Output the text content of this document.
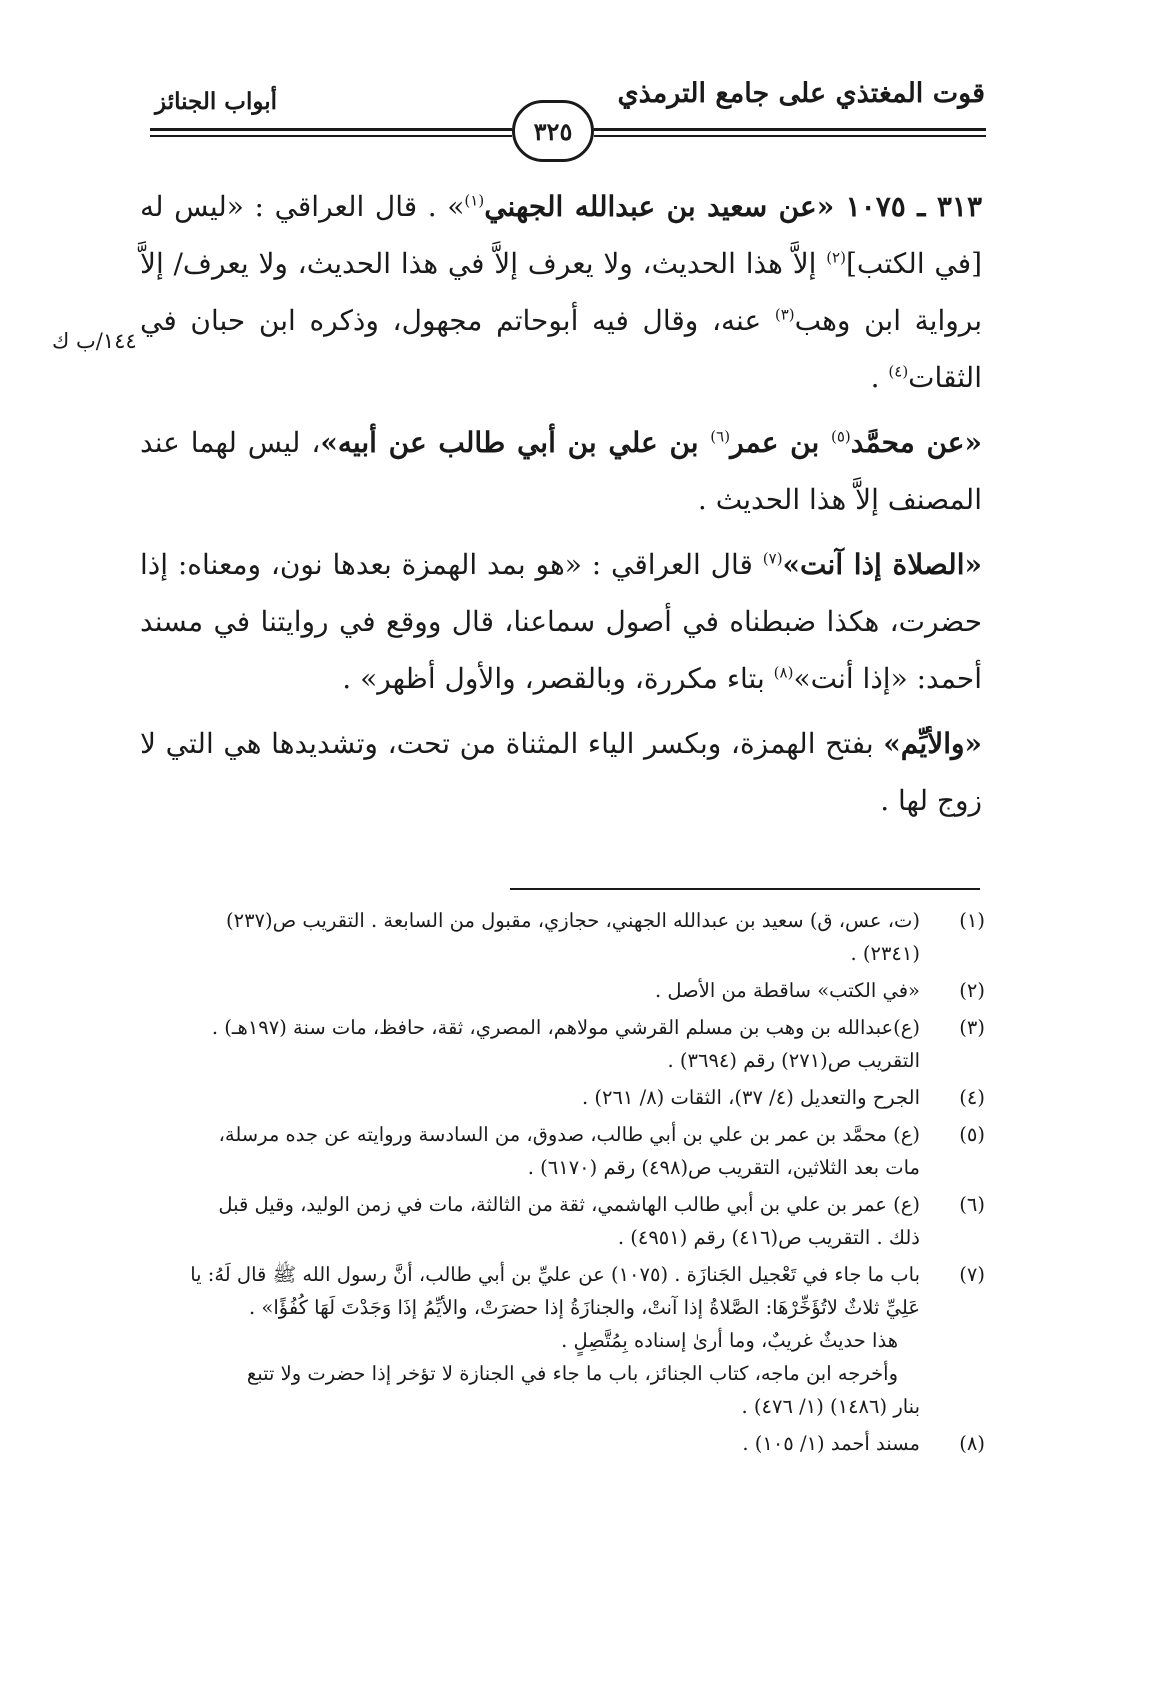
قوت المغتذي على جامع الترمذي
أبواب الجنائز
٣٢٥
١٤٤/ب ك

٣١٣ ـ ١٠٧٥ «عن سعيد بن عبدالله الجهني$^{(١)}$» . قال العراقي : «ليس له [في الكتب]$^{(٢)}$ إلاَّ هذا الحديث، ولا يعرف إلاَّ في هذا الحديث، ولا يعرف/ إلاَّ برواية ابن وهب$^{(٣)}$ عنه، وقال فيه أبوحاتم مجهول، وذكره ابن حبان في الثقات$^{(٤)}$ .

«عن محمَّد$^{(٥)}$ بن عمر$^{(٦)}$ بن علي بن أبي طالب عن أبيه»، ليس لهما عند المصنف إلاَّ هذا الحديث .

«الصلاة إذا آنت»$^{(٧)}$ قال العراقي : «هو بمد الهمزة بعدها نون، ومعناه: إذا حضرت، هكذا ضبطناه في أصول سماعنا، قال ووقع في روايتنا في مسند أحمد: «إذا أنت»$^{(٨)}$ بتاء مكررة، وبالقصر، والأول أظهر» .

«والأيِّم» بفتح الهمزة، وبكسر الياء المثناة من تحت، وتشديدها هي التي لا زوج لها .

(١)
(ت، عس، ق) سعيد بن عبدالله الجهني، حجازي، مقبول من السابعة . التقريب ص(٢٣٧)
(٢٣٤١) .
(٢)
«في الكتب» ساقطة من الأصل .
(٣)
(ع)عبدالله بن وهب بن مسلم القرشي مولاهم، المصري، ثقة، حافظ، مات سنة (١٩٧هـ) .
التقريب ص(٢٧١) رقم (٣٦٩٤) .
(٤)
الجرح والتعديل (٤/ ٣٧)، الثقات (٨/ ٢٦١) .
(٥)
(ع) محمَّد بن عمر بن علي بن أبي طالب، صدوق، من السادسة وروايته عن جده مرسلة،
مات بعد الثلاثين، التقريب ص(٤٩٨) رقم (٦١٧٠) .
(٦)
(ع) عمر بن علي بن أبي طالب الهاشمي، ثقة من الثالثة، مات في زمن الوليد، وقيل قبل
ذلك . التقريب ص(٤١٦) رقم (٤٩٥١) .
(٧)
باب ما جاء في تَعْجيل الجَنازَة . (١٠٧٥) عن عليِّ بن أبي طالب، أنَّ رسول الله ﷺ قال لَهُ: يا
عَلِيِّ ثلاثٌ لاتُؤَخِّرْهَا: الصَّلاةُ إذا آنتْ، والجنازَةُ إذا حضرَتْ، والأيِّمُ إذَا وَجَدْتَ لَهَا كُفُؤًا» .
هذا حديثٌ غريبٌ، وما أرىٰ إسناده بِمُتَّصِلٍ .
وأخرجه ابن ماجه، كتاب الجنائز، باب ما جاء في الجنازة لا تؤخر إذا حضرت ولا تتبع
بنار (١٤٨٦) (١/ ٤٧٦) .
(٨)
مسند أحمد (١/ ١٠٥) .
